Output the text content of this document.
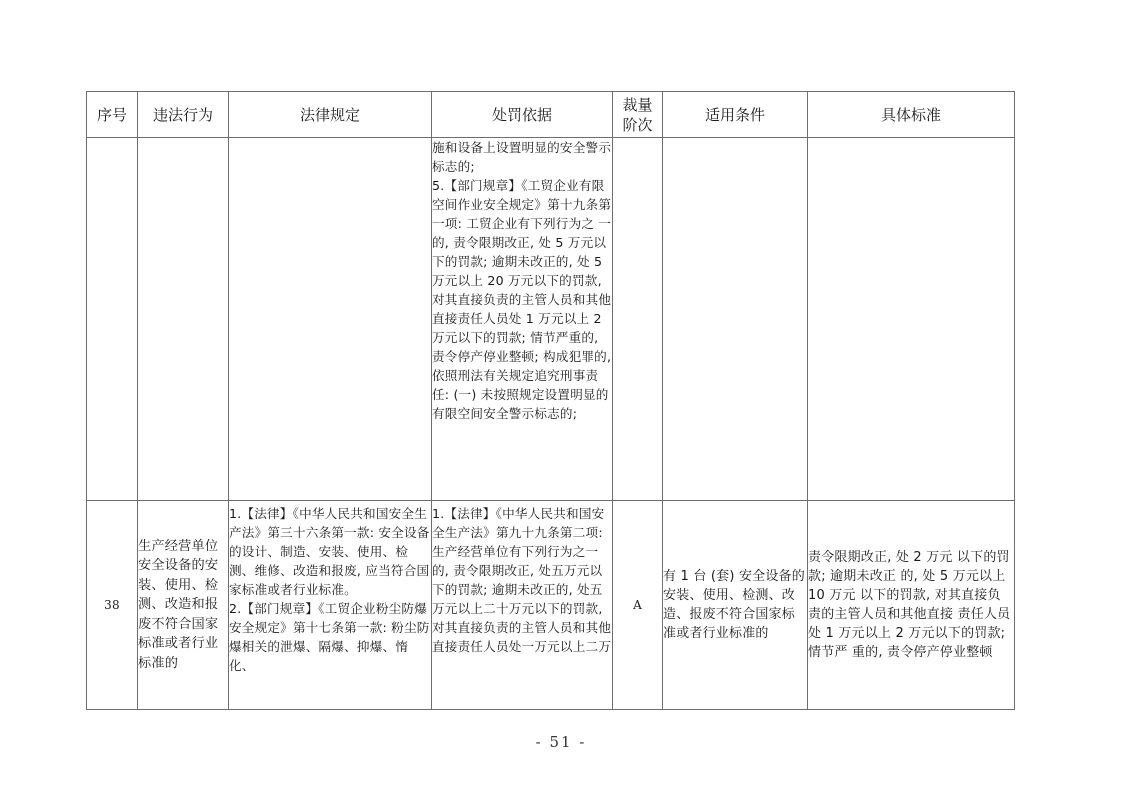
序号	违法行为	法律规定	处罚依据	裁量
阶次	适用条件	具体标准
			施和设备上设置明显的安全警示标志的;
5.【部门规章】《工贸企业有限空间作业安全规定》第十九条第一项: 工贸企业有下列行为之 一的, 责令限期改正, 处 5 万元以下的罚款; 逾期未改正的, 处 5 万元以上 20 万元以下的罚款, 对其直接负责的主管人员和其他直接责任人员处 1 万元以上 2 万元以下的罚款; 情节严重的, 责令停产停业整顿; 构成犯罪的, 依照刑法有关规定追究刑事责任: (一) 未按照规定设置明显的有限空间安全警示标志的;			
38	生产经营单位安全设备的安装、使用、检测、改造和报废不符合国家标准或者行业标准的	1.【法律】《中华人民共和国安全生产法》第三十六条第一款: 安全设备的设计、制造、安装、使用、检测、维修、改造和报废, 应当符合国家标准或者行业标准。
2.【部门规章】《工贸企业粉尘防爆安全规定》第十七条第一款: 粉尘防爆相关的泄爆、隔爆、抑爆、惰化、	1.【法律】《中华人民共和国安全生产法》第九十九条第二项: 生产经营单位有下列行为之一的, 责令限期改正, 处五万元以下的罚款; 逾期未改正的, 处五万元以上二十万元以下的罚款, 对其直接负责的主管人员和其他直接责任人员处一万元以上二万	A	有 1 台 (套) 安全设备的安装、使用、检测、改造、报废不符合国家标准或者行业标准的	责令限期改正, 处 2 万元 以下的罚款; 逾期未改正 的, 处 5 万元以上 10 万元 以下的罚款, 对其直接负 责的主管人员和其他直接 责任人员处 1 万元以上 2 万元以下的罚款; 情节严 重的, 责令停产停业整顿
- 51 -
